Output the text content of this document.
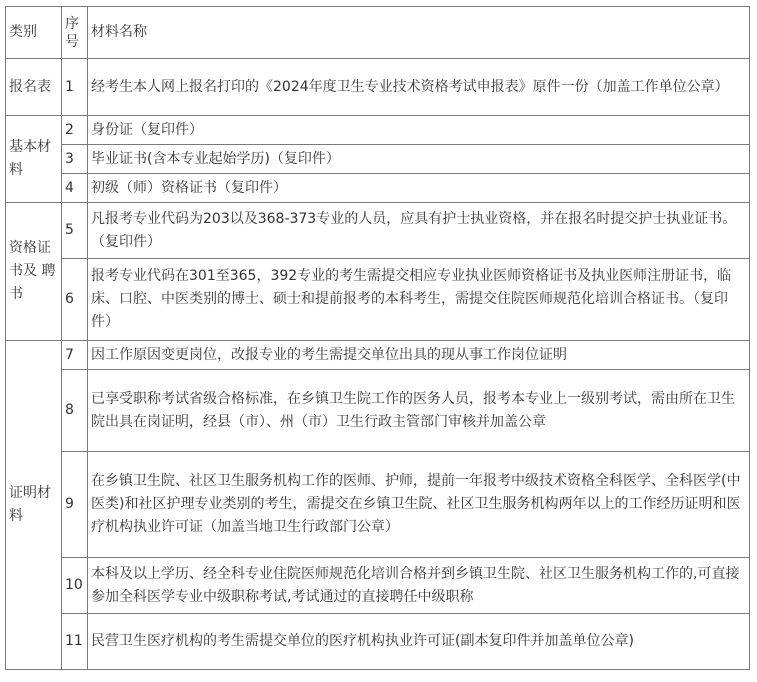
类别	序号	材料名称
报名表	1	经考生本人网上报名打印的《2024年度卫生专业技术资格考试申报表》原件一份（加盖工作单位公章）
基本材料	2	身份证（复印件）
	3	毕业证书(含本专业起始学历)（复印件）
	4	初级（师）资格证书（复印件）
资格证书及 聘书	5	凡报考专业代码为203以及368-373专业的人员，应具有护士执业资格，并在报名时提交护士执业证书。（复印件）
	6	报考专业代码在301至365，392专业的考生需提交相应专业执业医师资格证书及执业医师注册证书，临床、口腔、中医类别的博士、硕士和提前报考的本科考生，需提交住院医师规范化培训合格证书。（复印件）
证明材料	7	因工作原因变更岗位，改报专业的考生需提交单位出具的现从事工作岗位证明
	8	已享受职称考试省级合格标准，在乡镇卫生院工作的医务人员，报考本专业上一级别考试，需由所在卫生院出具在岗证明，经县（市）、州（市）卫生行政主管部门审核并加盖公章
	9	在乡镇卫生院、社区卫生服务机构工作的医师、护师，提前一年报考中级技术资格全科医学、全科医学(中医类)和社区护理专业类别的考生，需提交在乡镇卫生院、社区卫生服务机构两年以上的工作经历证明和医疗机构执业许可证（加盖当地卫生行政部门公章）
	10	本科及以上学历、经全科专业住院医师规范化培训合格并到乡镇卫生院、社区卫生服务机构工作的,可直接参加全科医学专业中级职称考试,考试通过的直接聘任中级职称
	11	民营卫生医疗机构的考生需提交单位的医疗机构执业许可证(副本复印件并加盖单位公章)
